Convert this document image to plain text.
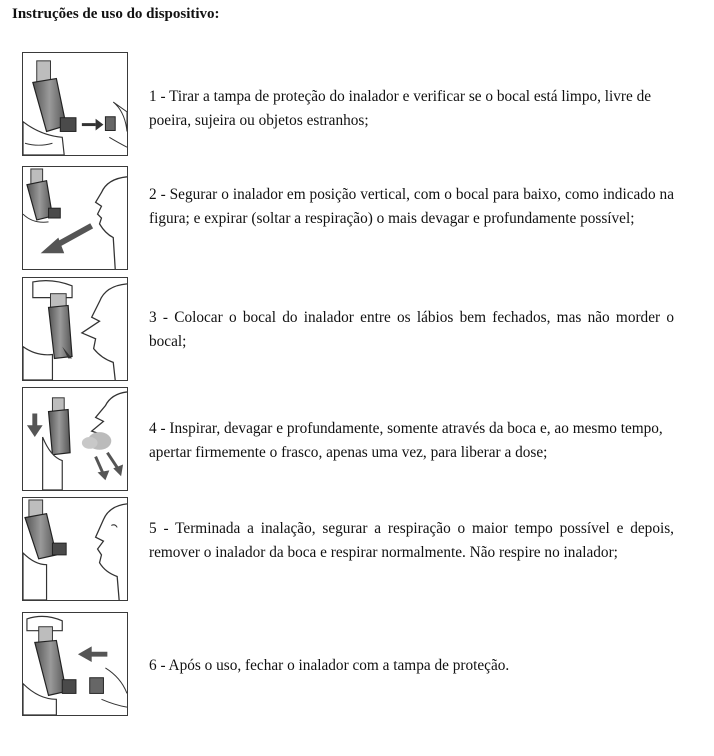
Instruções de uso do dispositivo:

1 - Tirar a tampa de proteção do inalador e verificar se o bocal está limpo, livre de poeira, sujeira ou objetos estranhos;

2 - Segurar o inalador em posição vertical, com o bocal para baixo, como indicado na figura; e expirar (soltar a respiração) o mais devagar e profundamente possível;

3 - Colocar o bocal do inalador entre os lábios bem fechados, mas não morder o bocal;

4 - Inspirar, devagar e profundamente, somente através da boca e, ao mesmo tempo, apertar firmemente o frasco, apenas uma vez, para liberar a dose;

5 - Terminada a inalação, segurar a respiração o maior tempo possível e depois, remover o inalador da boca e respirar normalmente. Não respire no inalador;

6 - Após o uso, fechar o inalador com a tampa de proteção.
